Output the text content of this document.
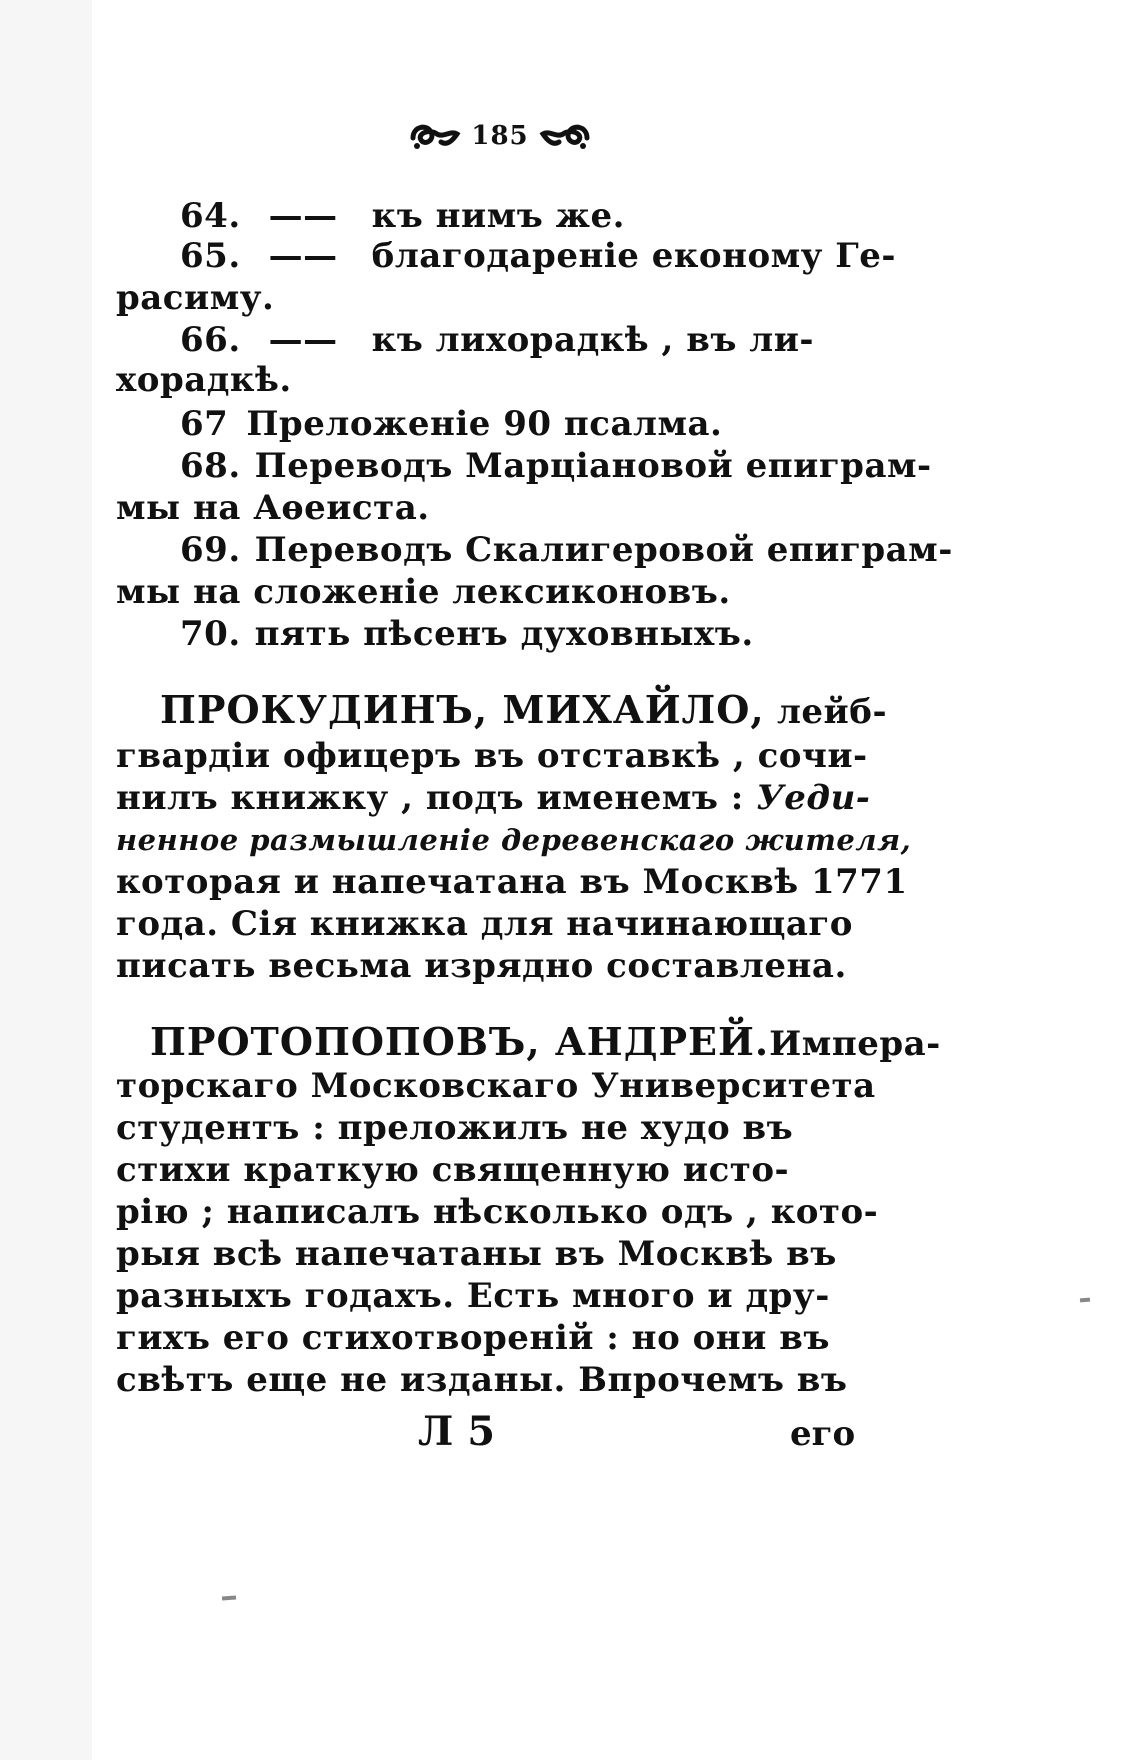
185
64. —— къ нимъ же.
65. —— благодареніе економу Ге-
расиму.
66. —— къ лихорадкѣ , въ ли-
хорадкѣ.
67 Преложеніе 90 псалма.
68. Переводъ Марціановой епиграм-
мы на Аѳеиста.
69. Переводъ Скалигеровой епиграм-
мы на сложеніе лексиконовъ.
70. пять пѣсенъ духовныхъ.
ПРОКУДИНЪ, МИХАЙЛО, лейб-
гвардіи офицеръ въ отставкѣ , сочи-
нилъ книжку , подъ именемъ : Уеди-
ненное размышленіе деревенскаго жителя,
которая и напечатана въ Москвѣ 1771
года. Сія книжка для начинающаго
писать весьма изрядно составлена.
ПРОТОПОПОВЪ, АНДРЕЙ.Импера-
торскаго Московскаго Университета
студентъ : преложилъ не худо въ
стихи краткую священную исто-
рію ; написалъ нѣсколько одъ , кото-
рыя всѣ напечатаны въ Москвѣ въ
разныхъ годахъ. Есть много и дру-
гихъ его стихотвореній : но они въ
свѣтъ еще не изданы. Впрочемъ въ
Л 5	его
